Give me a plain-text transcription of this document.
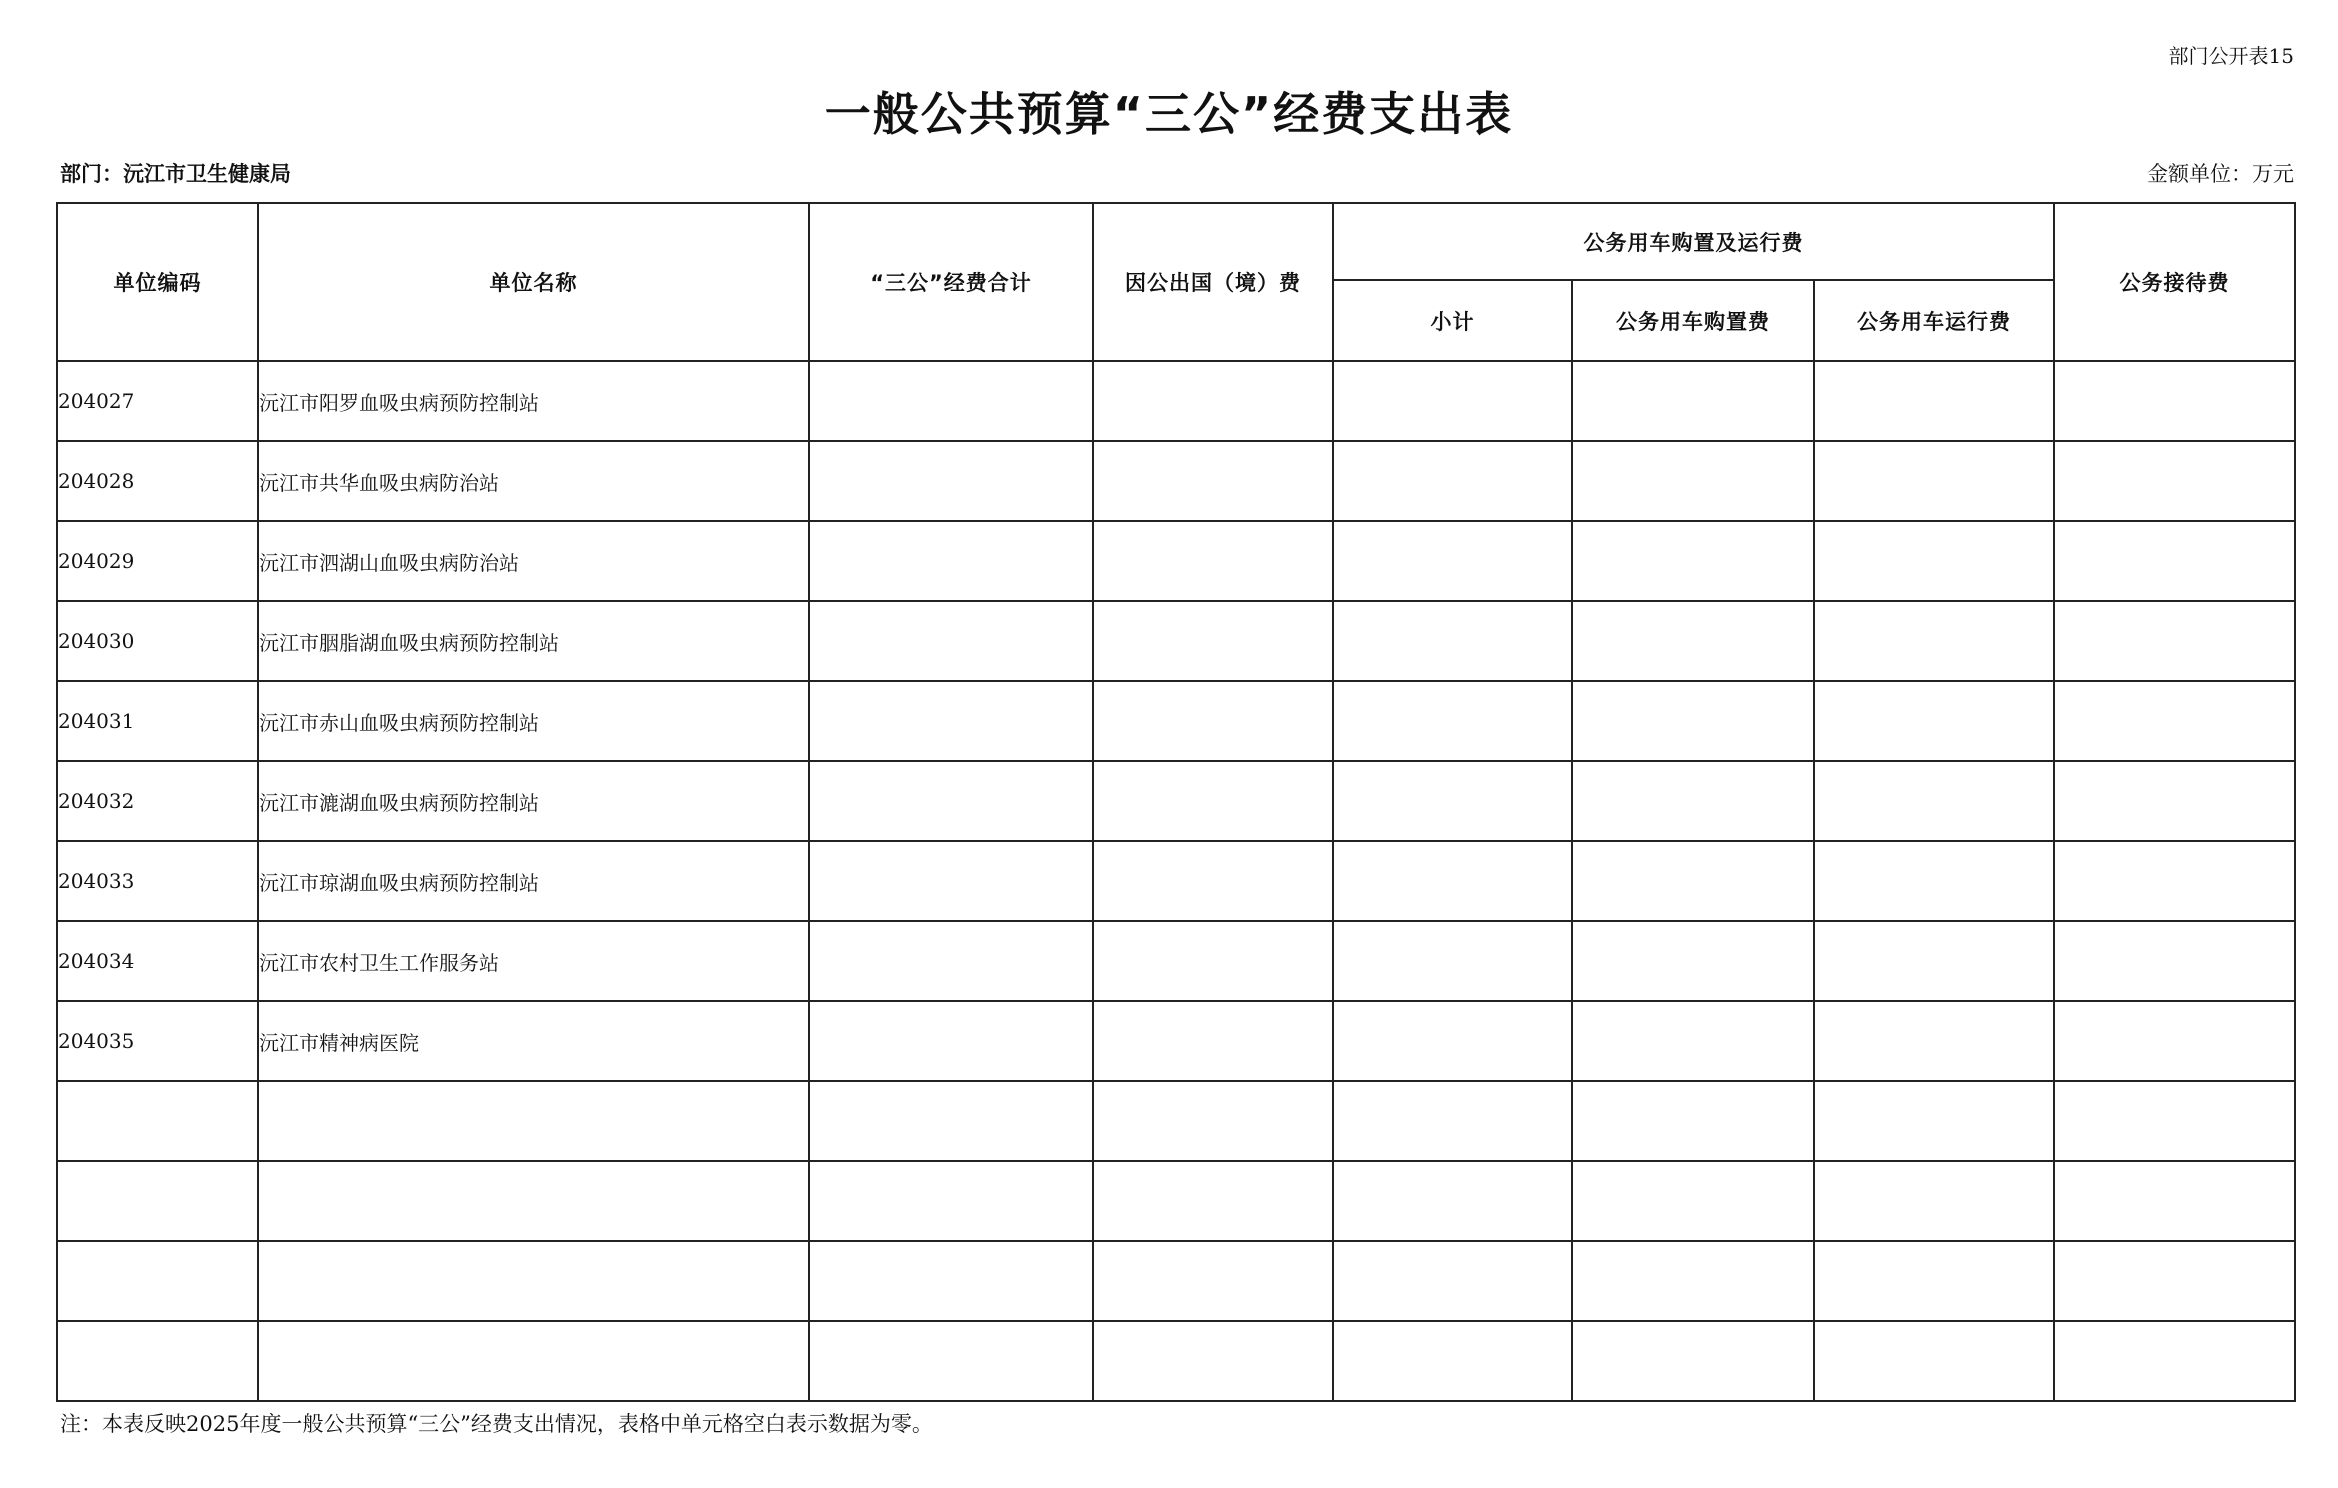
部门公开表15
一般公共预算“三公”经费支出表
部门：沅江市卫生健康局	金额单位：万元
单位编码	单位名称	“三公”经费合计	因公出国（境）费	公务用车购置及运行费			公务接待费
				小计	公务用车购置费	公务用车运行费	
204027	沅江市阳罗血吸虫病预防控制站						
204028	沅江市共华血吸虫病防治站						
204029	沅江市泗湖山血吸虫病防治站						
204030	沅江市胭脂湖血吸虫病预防控制站						
204031	沅江市赤山血吸虫病预防控制站						
204032	沅江市漉湖血吸虫病预防控制站						
204033	沅江市琼湖血吸虫病预防控制站						
204034	沅江市农村卫生工作服务站						
204035	沅江市精神病医院						

注：本表反映2025年度一般公共预算“三公”经费支出情况，表格中单元格空白表示数据为零。
